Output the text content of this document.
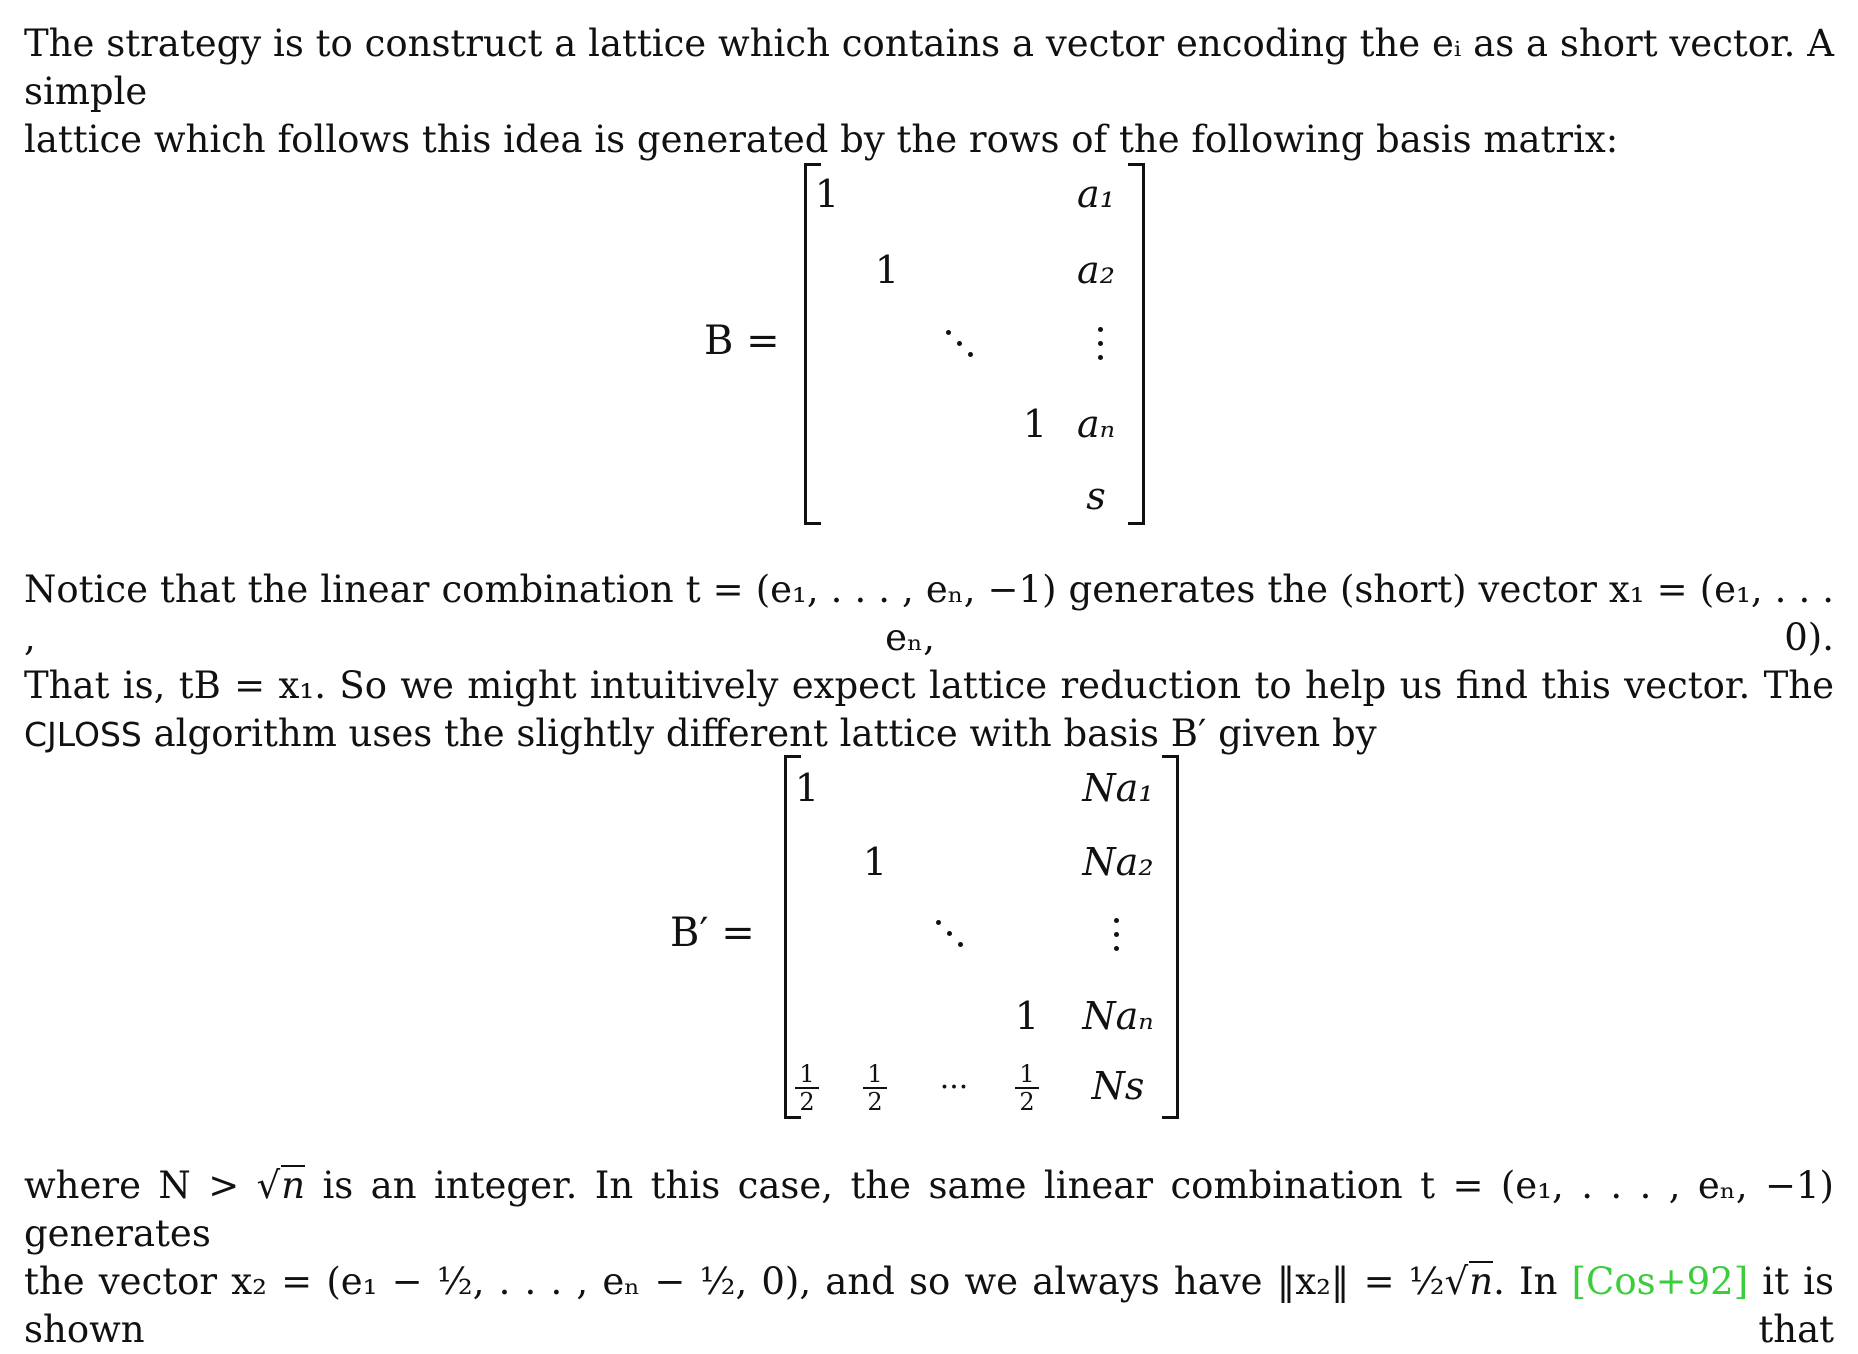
The strategy is to construct a lattice which contains a vector encoding the eᵢ as a short vector. A simple
lattice which follows this idea is generated by the rows of the following basis matrix:

B =
1
1
1
a₁
a₂
aₙ
s

Notice that the linear combination t = (e₁, . . . , eₙ, −1) generates the (short) vector x₁ = (e₁, . . . , eₙ, 0).
That is, tB = x₁. So we might intuitively expect lattice reduction to help us find this vector. The
CJLOSS algorithm uses the slightly different lattice with basis B′ given by

B′ =
1
1
1
Na₁
Na₂
Naₙ
Ns
1
2
1
2	···	1
2

where N > √n is an integer. In this case, the same linear combination t = (e₁, . . . , eₙ, −1) generates
the vector x₂ = (e₁ − ½, . . . , eₙ − ½, 0), and so we always have ‖x₂‖ = ½√n. In [Cos+92] it is shown that
